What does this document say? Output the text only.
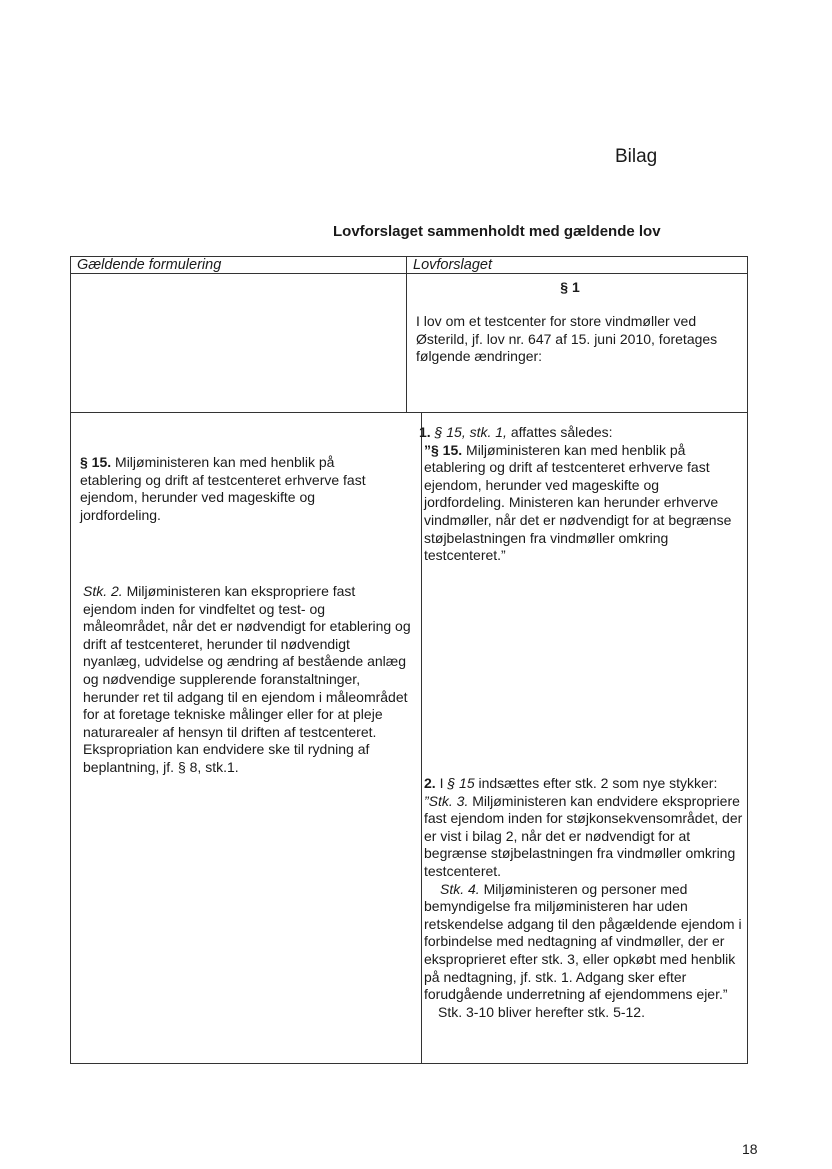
Bilag
Lovforslaget sammenholdt med gældende lov
Gældende formulering	Lovforslaget
§ 1
I lov om et testcenter for store vindmøller ved Østerild, jf. lov nr. 647 af 15. juni 2010, foretages følgende ændringer:
§ 15. Miljøministeren kan med henblik på etablering og drift af testcenteret erhverve fast ejendom, herunder ved mageskifte og jordfordeling.
Stk. 2. Miljøministeren kan ekspropriere fast ejendom inden for vindfeltet og test- og måleområdet, når det er nødvendigt for etablering og drift af testcenteret, herunder til nødvendigt nyanlæg, udvidelse og ændring af bestående anlæg og nødvendige supplerende foranstaltninger, herunder ret til adgang til en ejendom i måleområdet for at foretage tekniske målinger eller for at pleje naturarealer af hensyn til driften af testcenteret. Ekspropriation kan endvidere ske til rydning af beplantning, jf. § 8, stk.1.
1. § 15, stk. 1, affattes således:
”§ 15. Miljøministeren kan med henblik på etablering og drift af testcenteret erhverve fast ejendom, herunder ved mageskifte og jordfordeling. Ministeren kan herunder erhverve vindmøller, når det er nødvendigt for at begrænse støjbelastningen fra vindmøller omkring testcenteret.”
2. I § 15 indsættes efter stk. 2 som nye stykker:
”Stk. 3. Miljøministeren kan endvidere ekspropriere fast ejendom inden for støjkonsekvensområdet, der er vist i bilag 2, når det er nødvendigt for at begrænse støjbelastningen fra vindmøller omkring testcenteret.
Stk. 4. Miljøministeren og personer med bemyndigelse fra miljøministeren har uden retskendelse adgang til den pågældende ejendom i forbindelse med nedtagning af vindmøller, der er eksproprieret efter stk. 3, eller opkøbt med henblik på nedtagning, jf. stk. 1. Adgang sker efter forudgående underretning af ejendommens ejer.”
Stk. 3-10 bliver herefter stk. 5-12.
18
